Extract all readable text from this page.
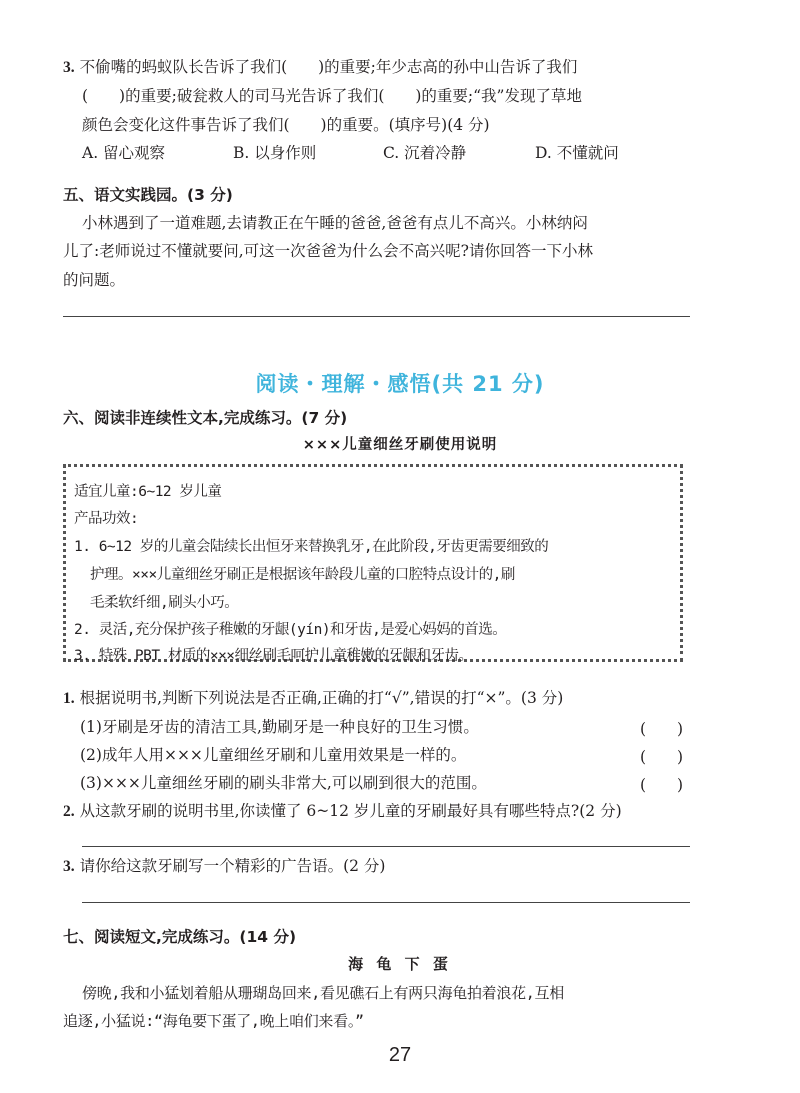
3. 不偷嘴的蚂蚁队长告诉了我们(　　)的重要;年少志高的孙中山告诉了我们
(　　)的重要;破瓮救人的司马光告诉了我们(　　)的重要;“我”发现了草地
颜色会变化这件事告诉了我们(　　)的重要。(填序号)(4 分)
A. 留心观察	B. 以身作则	C. 沉着冷静	D. 不懂就问
五、语文实践园。(3 分)
小林遇到了一道难题,去请教正在午睡的爸爸,爸爸有点儿不高兴。小林纳闷
儿了:老师说过不懂就要问,可这一次爸爸为什么会不高兴呢?请你回答一下小林
的问题。
阅读・理解・感悟(共 21 分)
六、阅读非连续性文本,完成练习。(7 分)
×××儿童细丝牙刷使用说明
适宜儿童:6~12 岁儿童
产品功效:
1. 6~12 岁的儿童会陆续长出恒牙来替换乳牙,在此阶段,牙齿更需要细致的
护理。×××儿童细丝牙刷正是根据该年龄段儿童的口腔特点设计的,刷
毛柔软纤细,刷头小巧。
2. 灵活,充分保护孩子稚嫩的牙龈(yín)和牙齿,是爱心妈妈的首选。
3. 特殊 PBT 材质的×××细丝刷毛呵护儿童稚嫩的牙龈和牙齿。
1. 根据说明书,判断下列说法是否正确,正确的打“√”,错误的打“×”。(3 分)
(1)牙刷是牙齿的清洁工具,勤刷牙是一种良好的卫生习惯。	(　　)
(2)成年人用×××儿童细丝牙刷和儿童用效果是一样的。	(　　)
(3)×××儿童细丝牙刷的刷头非常大,可以刷到很大的范围。	(　　)
2. 从这款牙刷的说明书里,你读懂了 6~12 岁儿童的牙刷最好具有哪些特点?(2 分)
3. 请你给这款牙刷写一个精彩的广告语。(2 分)
七、阅读短文,完成练习。(14 分)
海 龟 下 蛋
傍晚,我和小猛划着船从珊瑚岛回来,看见礁石上有两只海龟拍着浪花,互相
追逐,小猛说:“海龟要下蛋了,晚上咱们来看。”
27
